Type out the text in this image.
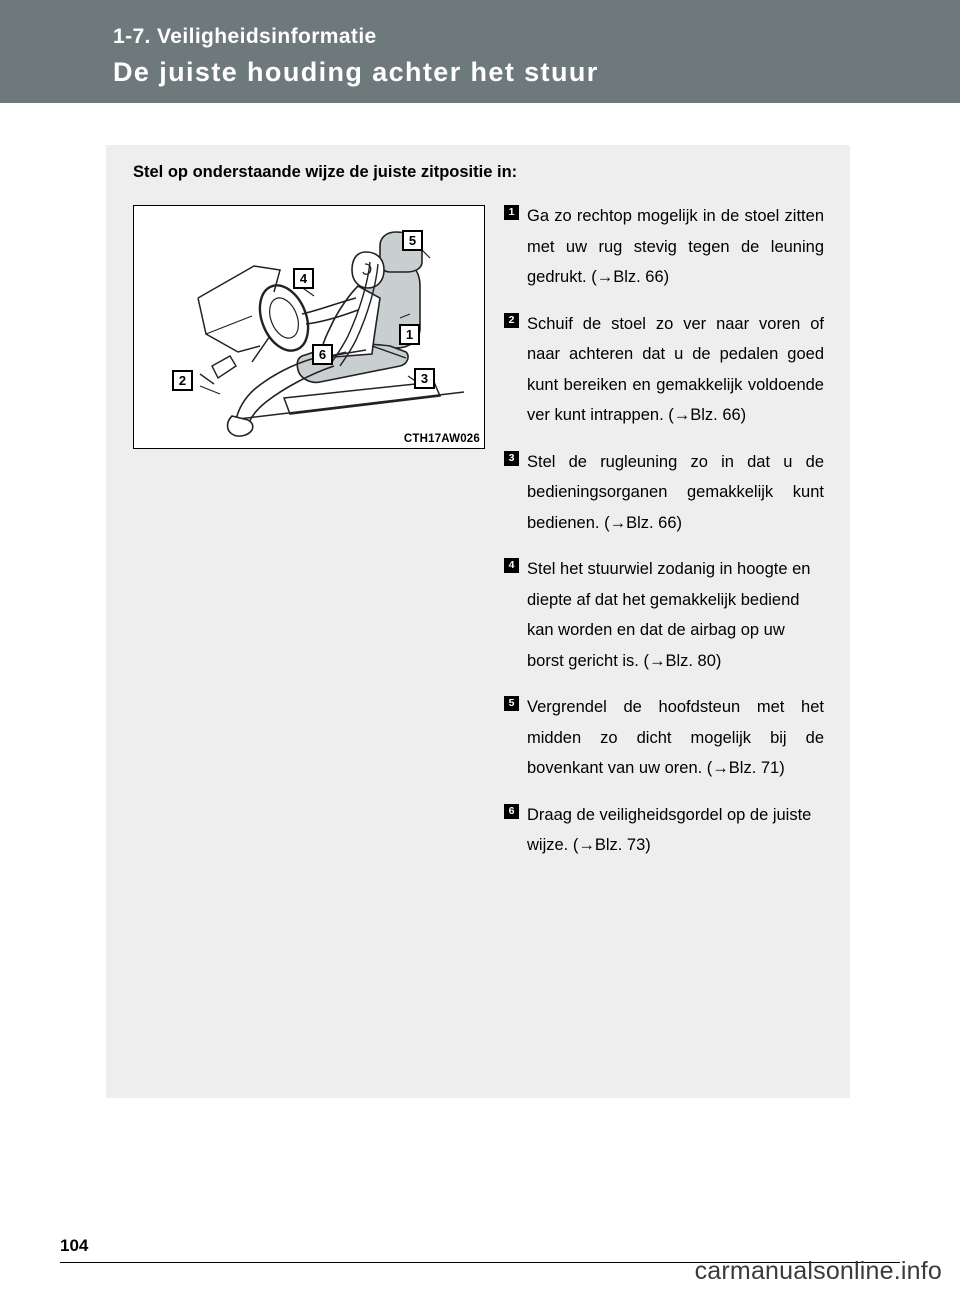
1-7. Veiligheidsinformatie
De juiste houding achter het stuur
Stel op onderstaande wijze de juiste zitpositie in:
5
4
1
6
3
2
CTH17AW026
1 Ga zo rechtop mogelijk in de stoel zitten met uw rug stevig tegen de leuning gedrukt. (→Blz. 66)
2 Schuif de stoel zo ver naar voren of naar achteren dat u de pedalen goed kunt bereiken en gemakkelijk voldoende ver kunt intrappen. (→Blz. 66)
3 Stel de rugleuning zo in dat u de bedieningsorganen gemakkelijk kunt bedienen. (→Blz. 66)
4 Stel het stuurwiel zodanig in hoogte en diepte af dat het gemakkelijk bediend kan worden en dat de airbag op uw borst gericht is. (→Blz. 80)
5 Vergrendel de hoofdsteun met het midden zo dicht mogelijk bij de bovenkant van uw oren. (→Blz. 71)
6 Draag de veiligheidsgordel op de juiste wijze. (→Blz. 73)
104
carmanualsonline.info
